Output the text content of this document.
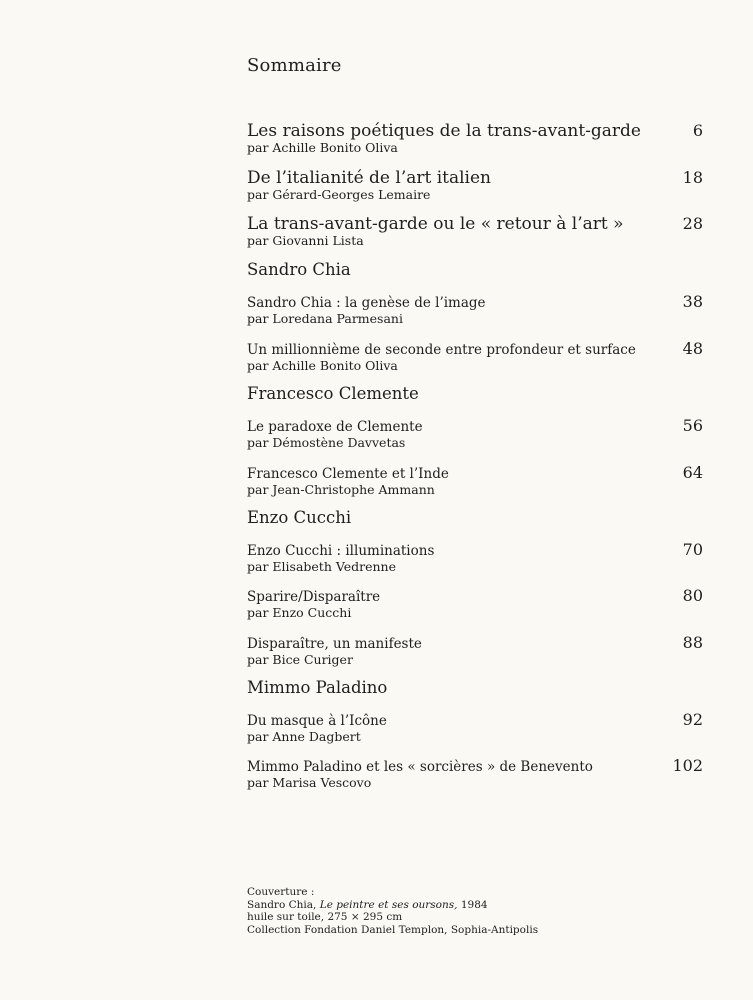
Sommaire
Les raisons poétiques de la trans-avant-garde	6
par Achille Bonito Oliva
De l’italianité de l’art italien	18
par Gérard-Georges Lemaire
La trans-avant-garde ou le « retour à l’art »	28
par Giovanni Lista
Sandro Chia
Sandro Chia : la genèse de l’image	38
par Loredana Parmesani
Un millionnième de seconde entre profondeur et surface	48
par Achille Bonito Oliva
Francesco Clemente
Le paradoxe de Clemente	56
par Démostène Davvetas
Francesco Clemente et l’Inde	64
par Jean-Christophe Ammann
Enzo Cucchi
Enzo Cucchi : illuminations	70
par Elisabeth Vedrenne
Sparire/Disparaître	80
par Enzo Cucchi
Disparaître, un manifeste	88
par Bice Curiger
Mimmo Paladino
Du masque à l’Icône	92
par Anne Dagbert
Mimmo Paladino et les « sorcières » de Benevento	102
par Marisa Vescovo
Couverture :
Sandro Chia, Le peintre et ses oursons, 1984
huile sur toile, 275 × 295 cm
Collection Fondation Daniel Templon, Sophia-Antipolis
